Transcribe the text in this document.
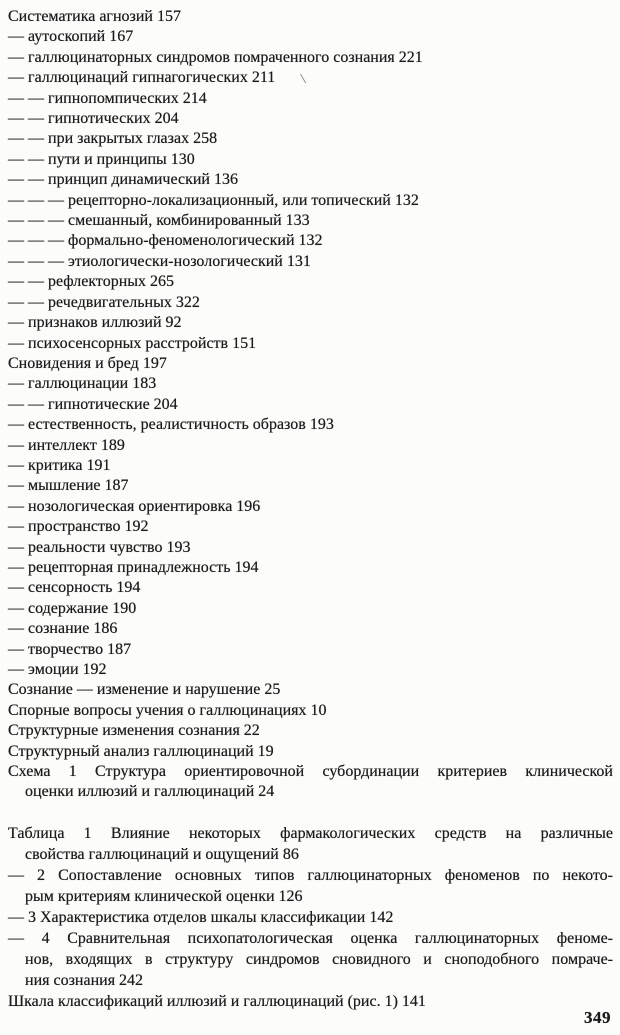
Систематика агнозий 157
— аутоскопий 167
— галлюцинаторных синдромов помраченного сознания 221
— галлюцинаций гипнагогических 211
— — гипнопомпических 214
— — гипнотических 204
— — при закрытых глазах 258
— — пути и принципы 130
— — принцип динамический 136
— — — рецепторно-локализационный, или топический 132
— — — смешанный, комбинированный 133
— — — формально-феноменологический 132
— — — этиологически-нозологический 131
— — рефлекторных 265
— — речедвигательных 322
— признаков иллюзий 92
— психосенсорных расстройств 151
Сновидения и бред 197
— галлюцинации 183
— — гипнотические 204
— естественность, реалистичность образов 193
— интеллект 189
— критика 191
— мышление 187
— нозологическая ориентировка 196
— пространство 192
— реальности чувство 193
— рецепторная принадлежность 194
— сенсорность 194
— содержание 190
— сознание 186
— творчество 187
— эмоции 192
Сознание — изменение и нарушение 25
Спорные вопросы учения о галлюцинациях 10
Структурные изменения сознания 22
Структурный анализ галлюцинаций 19
Схема 1 Структура ориентировочной субординации критериев клинической
оценки иллюзий и галлюцинаций 24
Таблица 1 Влияние некоторых фармакологических средств на различные
свойства галлюцинаций и ощущений 86
— 2 Сопоставление основных типов галлюцинаторных феноменов по некото-
рым критериям клинической оценки 126
— 3 Характеристика отделов шкалы классификации 142
— 4 Сравнительная психопатологическая оценка галлюцинаторных феноме-
нов, входящих в структуру синдромов сновидного и сноподобного помраче-
ния сознания 242
Шкала классификаций иллюзий и галлюцинаций (рис. 1) 141
349
